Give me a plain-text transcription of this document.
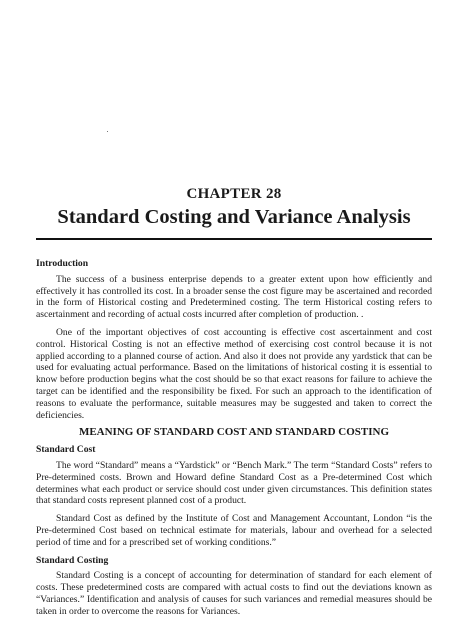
CHAPTER 28
Standard Costing and Variance Analysis
Introduction

The success of a business enterprise depends to a greater extent upon how efficiently and effectively it has controlled its cost. In a broader sense the cost figure may be ascertained and recorded in the form of Historical costing and Predetermined costing. The term Historical costing refers to ascertainment and recording of actual costs incurred after completion of production. .

One of the important objectives of cost accounting is effective cost ascertainment and cost control. Historical Costing is not an effective method of exercising cost control because it is not applied according to a planned course of action. And also it does not provide any yardstick that can be used for evaluating actual performance. Based on the limitations of historical costing it is essential to know before production begins what the cost should be so that exact reasons for failure to achieve the target can be identified and the responsibility be fixed. For such an approach to the identification of reasons to evaluate the performance, suitable measures may be suggested and taken to correct the deficiencies.

MEANING OF STANDARD COST AND STANDARD COSTING
Standard Cost

The word “Standard” means a “Yardstick” or “Bench Mark.” The term “Standard Costs” refers to Pre-determined costs. Brown and Howard define Standard Cost as a Pre-determined Cost which determines what each product or service should cost under given circumstances. This definition states that standard costs represent planned cost of a product.

Standard Cost as defined by the Institute of Cost and Management Accountant, London “is the Pre-determined Cost based on technical estimate for materials, labour and overhead for a selected period of time and for a prescribed set of working conditions.”

Standard Costing

Standard Costing is a concept of accounting for determination of standard for each element of costs. These predetermined costs are compared with actual costs to find out the deviations known as “Variances.” Identification and analysis of causes for such variances and remedial measures should be taken in order to overcome the reasons for Variances.
